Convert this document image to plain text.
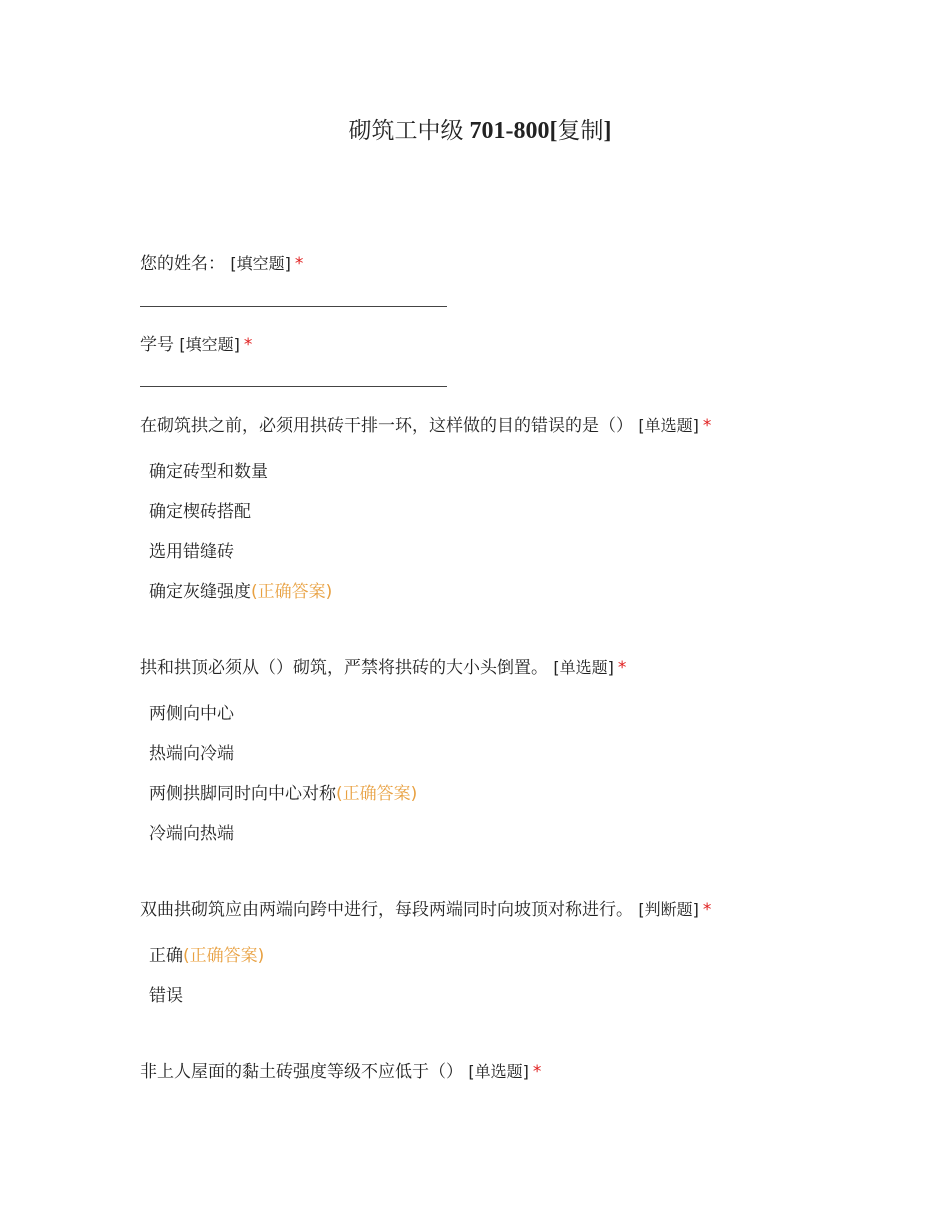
砌筑工中级 701-800[复制]
您的姓名： [填空题] *
学号 [填空题] *
在砌筑拱之前，必须用拱砖干排一环，这样做的目的错误的是（） [单选题] *
确定砖型和数量
确定楔砖搭配
选用错缝砖
确定灰缝强度(正确答案)
拱和拱顶必须从（）砌筑，严禁将拱砖的大小头倒置。 [单选题] *
两侧向中心
热端向冷端
两侧拱脚同时向中心对称(正确答案)
冷端向热端
双曲拱砌筑应由两端向跨中进行，每段两端同时向坡顶对称进行。 [判断题] *
正确(正确答案)
错误
非上人屋面的黏土砖强度等级不应低于（） [单选题] *
